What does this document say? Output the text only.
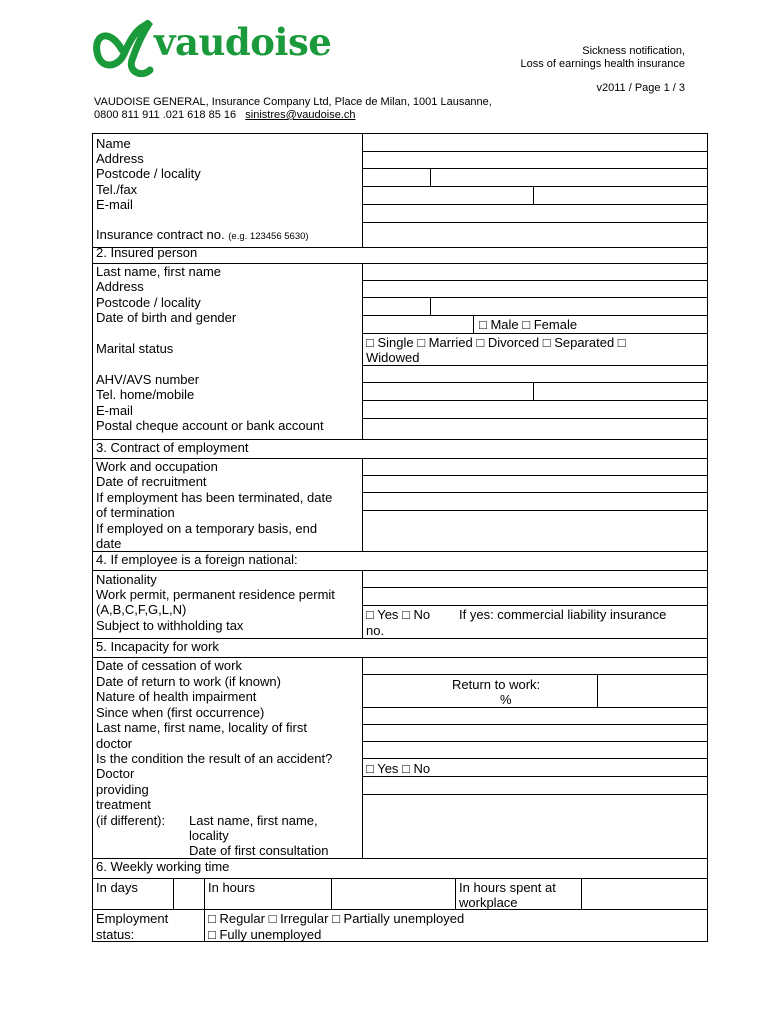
vaudoise	Sickness notification,
Loss of earnings health insurance
v2011 / Page 1 / 3
VAUDOISE GENERAL, Insurance Company Ltd, Place de Milan, 1001 Lausanne,
0800 811 911 .021 618 85 16 sinistres@vaudoise.ch
Name
Address
Postcode / locality
Tel./fax
E-mail
Insurance contract no. (e.g. 123456 5630)
2. Insured person
Last name, first name
Address
Postcode / locality
Date of birth and gender	□ Male □ Female
Marital status	□ Single □ Married □ Divorced □ Separated □
Widowed
AHV/AVS number
Tel. home/mobile
E-mail
Postal cheque account or bank account
3. Contract of employment
Work and occupation
Date of recruitment
If employment has been terminated, date
of termination
If employed on a temporary basis, end
date
4. If employee is a foreign national:
Nationality
Work permit, permanent residence permit
(A,B,C,F,G,L,N)
Subject to withholding tax
□ Yes □ No If yes: commercial liability insurance
no.
5. Incapacity for work
Date of cessation of work
Date of return to work (if known)	Return to work:
%
Nature of health impairment
Since when (first occurrence)
Last name, first name, locality of first
doctor
Is the condition the result of an accident?
□ Yes □ No
Doctor
providing
treatment
(if different): Last name, first name,
locality
Date of first consultation
6. Weekly working time
In days	In hours	In hours spent at
workplace
Employment
status:
□ Regular □ Irregular □ Partially unemployed
□ Fully unemployed
